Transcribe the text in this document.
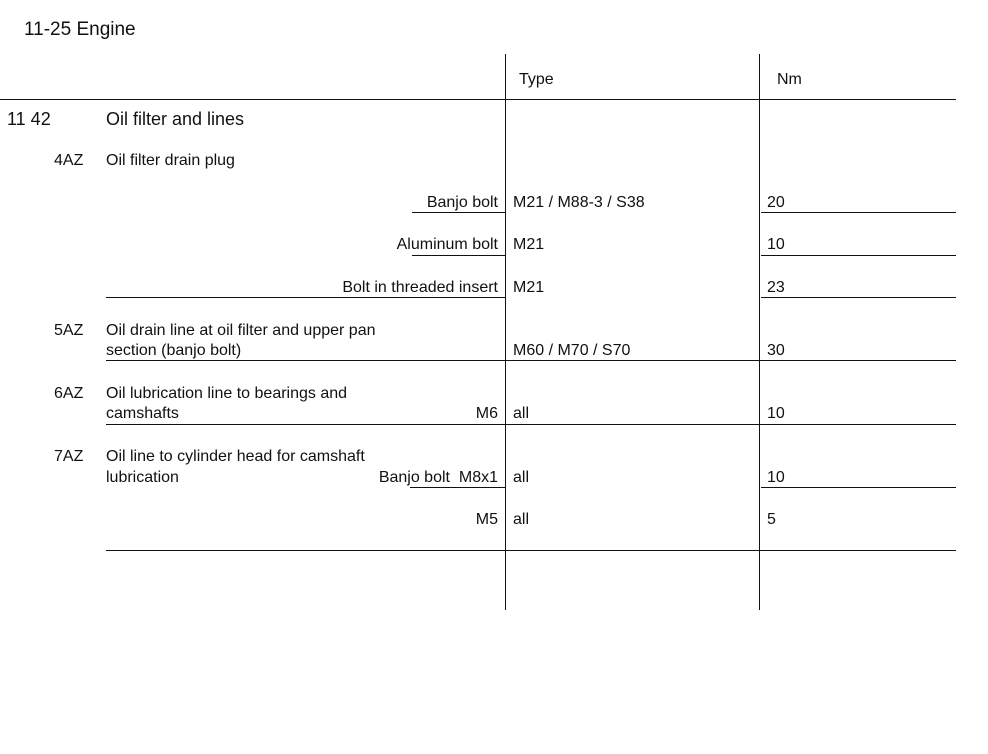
11-25 Engine
Type	Nm
11 42	Oil filter and lines
4AZ Oil filter drain plug
Banjo bolt M21 / M88-3 / S38	20
Aluminum bolt M21	10
Bolt in threaded insert M21	23
5AZ Oil drain line at oil filter and upper pan
section (banjo bolt)	M60 / M70 / S70	30
6AZ Oil lubrication line to bearings and
camshafts	M6 all	10
7AZ Oil line to cylinder head for camshaft
lubrication	Banjo bolt  M8x1 all	10
M5 all	5
